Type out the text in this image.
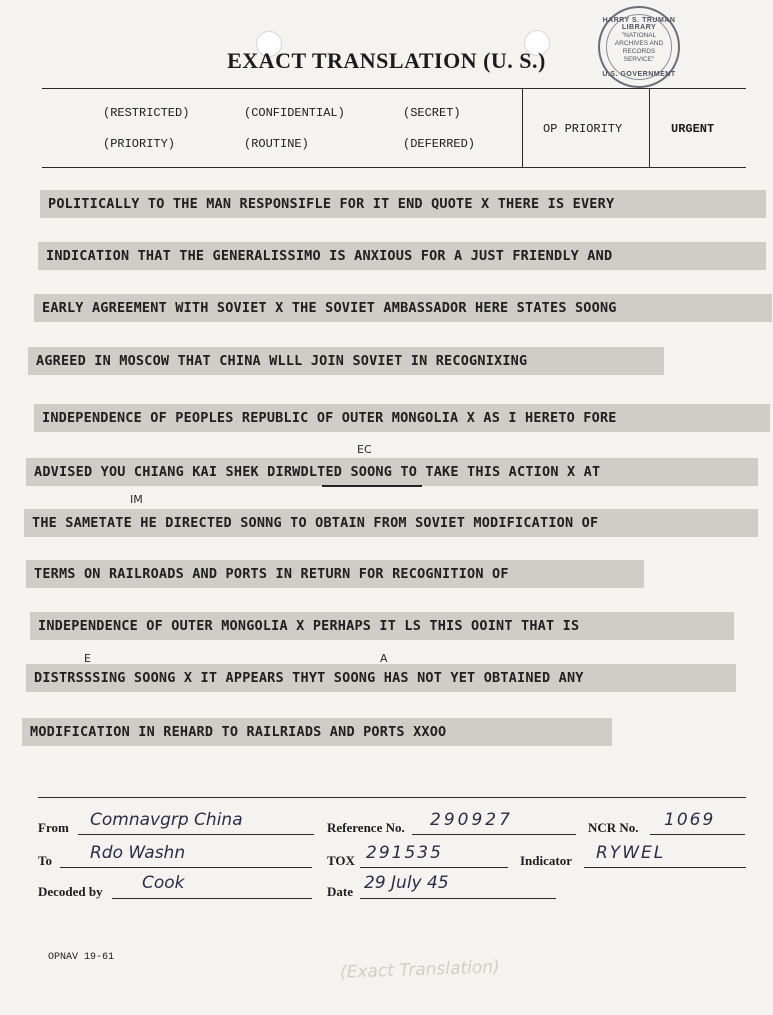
EXACT TRANSLATION (U. S.)
HARRY S. TRUMAN LIBRARY
"NATIONAL ARCHIVES AND RECORDS SERVICE"
U.S. GOVERNMENT
(RESTRICTED)	(CONFIDENTIAL)	(SECRET)
(PRIORITY)	(ROUTINE)	(DEFERRED)
OP PRIORITY	URGENT
POLITICALLY TO THE MAN RESPONSIFLE FOR IT END QUOTE X THERE IS EVERY
INDICATION THAT THE GENERALISSIMO IS ANXIOUS FOR A JUST FRIENDLY AND
EARLY AGREEMENT WITH SOVIET X THE SOVIET AMBASSADOR HERE STATES SOONG
AGREED IN MOSCOW THAT CHINA WLLL JOIN SOVIET IN RECOGNIXING
INDEPENDENCE OF PEOPLES REPUBLIC OF OUTER MONGOLIA X AS I HERETO FORE
ADVISED YOU CHIANG KAI SHEK DIRWDLTED SOONG TO TAKE THIS ACTION X AT
THE SAMETATE HE DIRECTED SONNG TO OBTAIN FROM SOVIET MODIFICATION OF
TERMS ON RAILROADS AND PORTS IN RETURN FOR RECOGNITION OF
INDEPENDENCE OF OUTER MONGOLIA X PERHAPS IT LS THIS OOINT THAT IS
DISTRSSSING SOONG X IT APPEARS THYT SOONG HAS NOT YET OBTAINED ANY
MODIFICATION IN REHARD TO RAILRIADS AND PORTS XXOO
EC
IM
E	A
From Comnavgrp China	Reference No. 290927	NCR No. 1069
To Rdo Washn	TOX 291535	Indicator RYWEL
Decoded by Cook	Date 29 July 45
OPNAV 19-61	(Exact Translation)
